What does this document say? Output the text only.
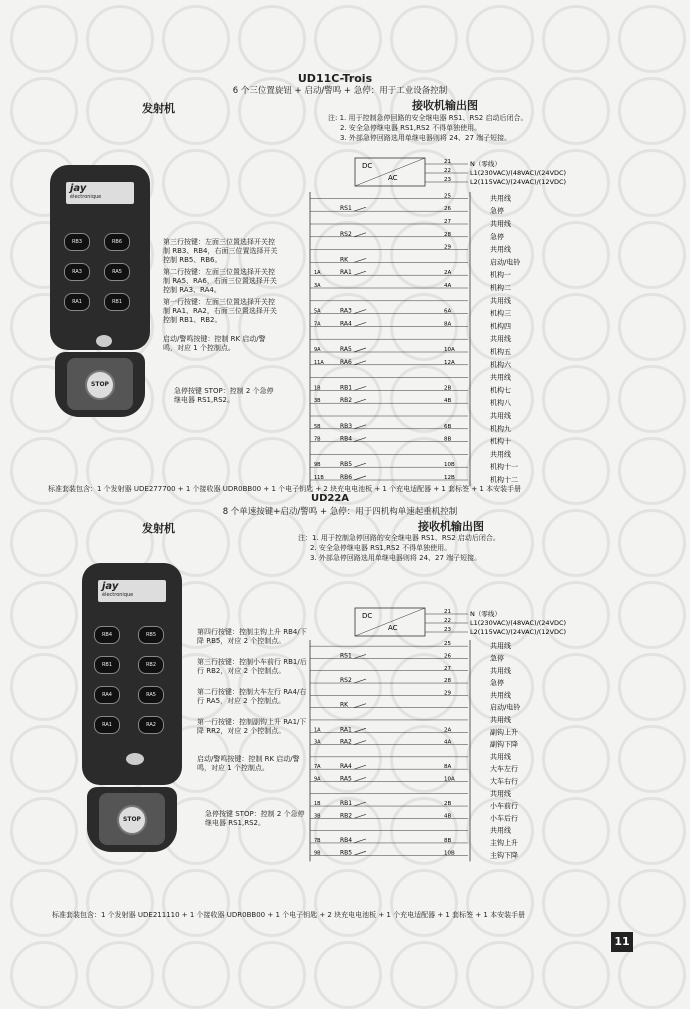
UD11C-Trois
6 个三位置旋钮 + 启动/警鸣 + 急停：用于工业设备控制
发射机	接收机输出图
注: 1. 用于控制急停回路的安全继电器 RS1、RS2 启动后闭合。
2. 安全急停继电器 RS1,RS2 不得单独使用。
3. 外部急停回路选用单继电器则将 24、27 端子短接。
jay
électronique
RB3	RB6
RA3	RA5
RA1	RB1
STOP
第三行按键：左面三位置选择开关控制 RB3、RB4，右面三位置选择开关控制 RB5、RB6。
第二行按键：左面三位置选择开关控制 RA5、RA6，右面三位置选择开关控制 RA3、RA4。
第一行按键：左面三位置选择开关控制 RA1、RA2，右面三位置选择开关控制 RB1、RB2。
启动/警鸣按键：控制 RK 启动/警鸣，对应 1 个控制点。
急停按键 STOP：控制 2 个急停继电器 RS1,RS2。
DC
AC
21	N（零线）
22	L1(230VAC)/(48VAC)/(24VDC)
23	L2(115VAC)/(24VAC)/(12VDC)
25	共用线
RS1	26	急停
27	共用线
RS2	28	急停
29	共用线
RK	启动/电铃
RA1
1A	2A	机构一
3A	4A	机构二
共用线
RA3
5A	6A	机构三
RA4
7A	8A	机构四
共用线
RA5
9A	10A	机构五
RA6
11A	12A	机构六
共用线
RB1
1B	2B	机构七
RB2
3B	4B	机构八
共用线
RB3
5B	6B	机构九
RB4
7B	8B	机构十
共用线
RB5
9B	10B	机构十一
RB6
11B	12B	机构十二
标准套装包含：1 个发射器 UDE277700 + 1 个接收器 UDR0BB00 + 1 个电子钥匙 + 2 块充电电池板 + 1 个充电适配器 + 1 套标签 + 1 本安装手册
UD22A
8 个单速按键+启动/警鸣 + 急停：用于四机构单速起重机控制
发射机	接收机输出图
注：1. 用于控制急停回路的安全继电器 RS1、RS2 启动后闭合。
2. 安全急停继电器 RS1,RS2 不得单独使用。
3. 外部急停回路选用单继电器则将 24、27 端子短接。
jay
électronique
RB4	RB5
RB1	RB2
RA4	RA5
RA1	RA2
STOP
第四行按键：控制主钩上升 RB4/下降 RB5，对应 2 个控制点。
第三行按键：控制小车前行 RB1/后行 RB2，对应 2 个控制点。
第二行按键：控制大车左行 RA4/右行 RA5，对应 2 个控制点。
第一行按键：控制副钩上升 RA1/下降 RR2，对应 2 个控制点。
启动/警鸣按键：控制 RK 启动/警鸣，对应 1 个控制点。
急停按键 STOP：控制 2 个急停继电器 RS1,RS2。
DC
AC
21	N（零线）
22	L1(230VAC)/(48VAC)/(24VDC)
23	L2(115VAC)/(24VAC)/(12VDC)
25	共用线
RS1	26	急停
27	共用线
RS2	28	急停
29	共用线
RK	启动/电铃
共用线
RA1
1A	2A	副钩上升
RA2
3A	4A	副钩下降
共用线
RA4
7A	8A	大车左行
RA5
9A	10A	大车右行
共用线
RB1
1B	2B	小车前行
RB2
3B	4B	小车后行
共用线
RB4
7B	8B	主钩上升
RB5
9B	10B	主钩下降
标准套装包含：1 个发射器 UDE211110 + 1 个接收器 UDR0BB00 + 1 个电子钥匙 + 2 块充电电池板 + 1 个充电适配器 + 1 套标签 + 1 本安装手册
11
